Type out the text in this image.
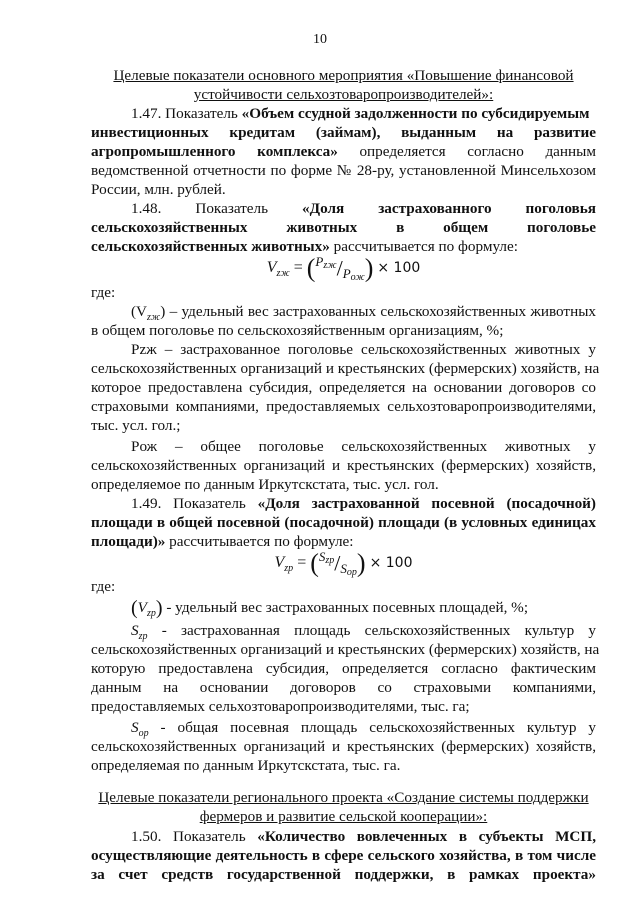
10
Целевые показатели основного мероприятия «Повышение финансовой
устойчивости сельхозтоваропроизводителей»:
1.47. Показатель «Объем ссудной задолженности по субсидируемым
инвестиционных кредитам (займам), выданным на развитие
агропромышленного комплекса» определяется согласно данным
ведомственной отчетности по форме № 28-ру, установленной Минсельхозом
России, млн. рублей.
1.48. Показатель «Доля застрахованного поголовья
сельскохозяйственных животных в общем поголовье
сельскохозяйственных животных» рассчитывается по формуле:
$V_{zж} = (^P_{zж}/_{Pож}) \times 100$
где:
$(V_{zж})$ – удельный вес застрахованных сельскохозяйственных животных
в общем поголовье по сельскохозяйственным организациям, %;
Pzж – застрахованное поголовье сельскохозяйственных животных у
сельскохозяйственных организаций и крестьянских (фермерских) хозяйств, на
которое предоставлена субсидия, определяется на основании договоров со
страховыми компаниями, предоставляемых сельхозтоваропроизводителями,
тыс. усл. гол.;
Pож – общее поголовье сельскохозяйственных животных у
сельскохозяйственных организаций и крестьянских (фермерских) хозяйств,
определяемое по данным Иркутскстата, тыс. усл. гол.
1.49. Показатель «Доля застрахованной посевной (посадочной)
площади в общей посевной (посадочной) площади (в условных единицах
площади)» рассчитывается по формуле:
$V_{zp} = (^S_{zp}/_{Sop}) \times 100$
где:
$(V_{zp})$ - удельный вес застрахованных посевных площадей, %;
$S_{zp}$ - застрахованная площадь сельскохозяйственных культур у
сельскохозяйственных организаций и крестьянских (фермерских) хозяйств, на
которую предоставлена субсидия, определяется согласно фактическим
данным на основании договоров со страховыми компаниями,
предоставляемых сельхозтоваропроизводителями, тыс. га;
$S_{op}$ - общая посевная площадь сельскохозяйственных культур у
сельскохозяйственных организаций и крестьянских (фермерских) хозяйств,
определяемая по данным Иркутскстата, тыс. га.
Целевые показатели регионального проекта «Создание системы поддержки
фермеров и развитие сельской кооперации»:
1.50. Показатель «Количество вовлеченных в субъекты МСП,
осуществляющие деятельность в сфере сельского хозяйства, в том числе
за счет средств государственной поддержки, в рамках проекта»
